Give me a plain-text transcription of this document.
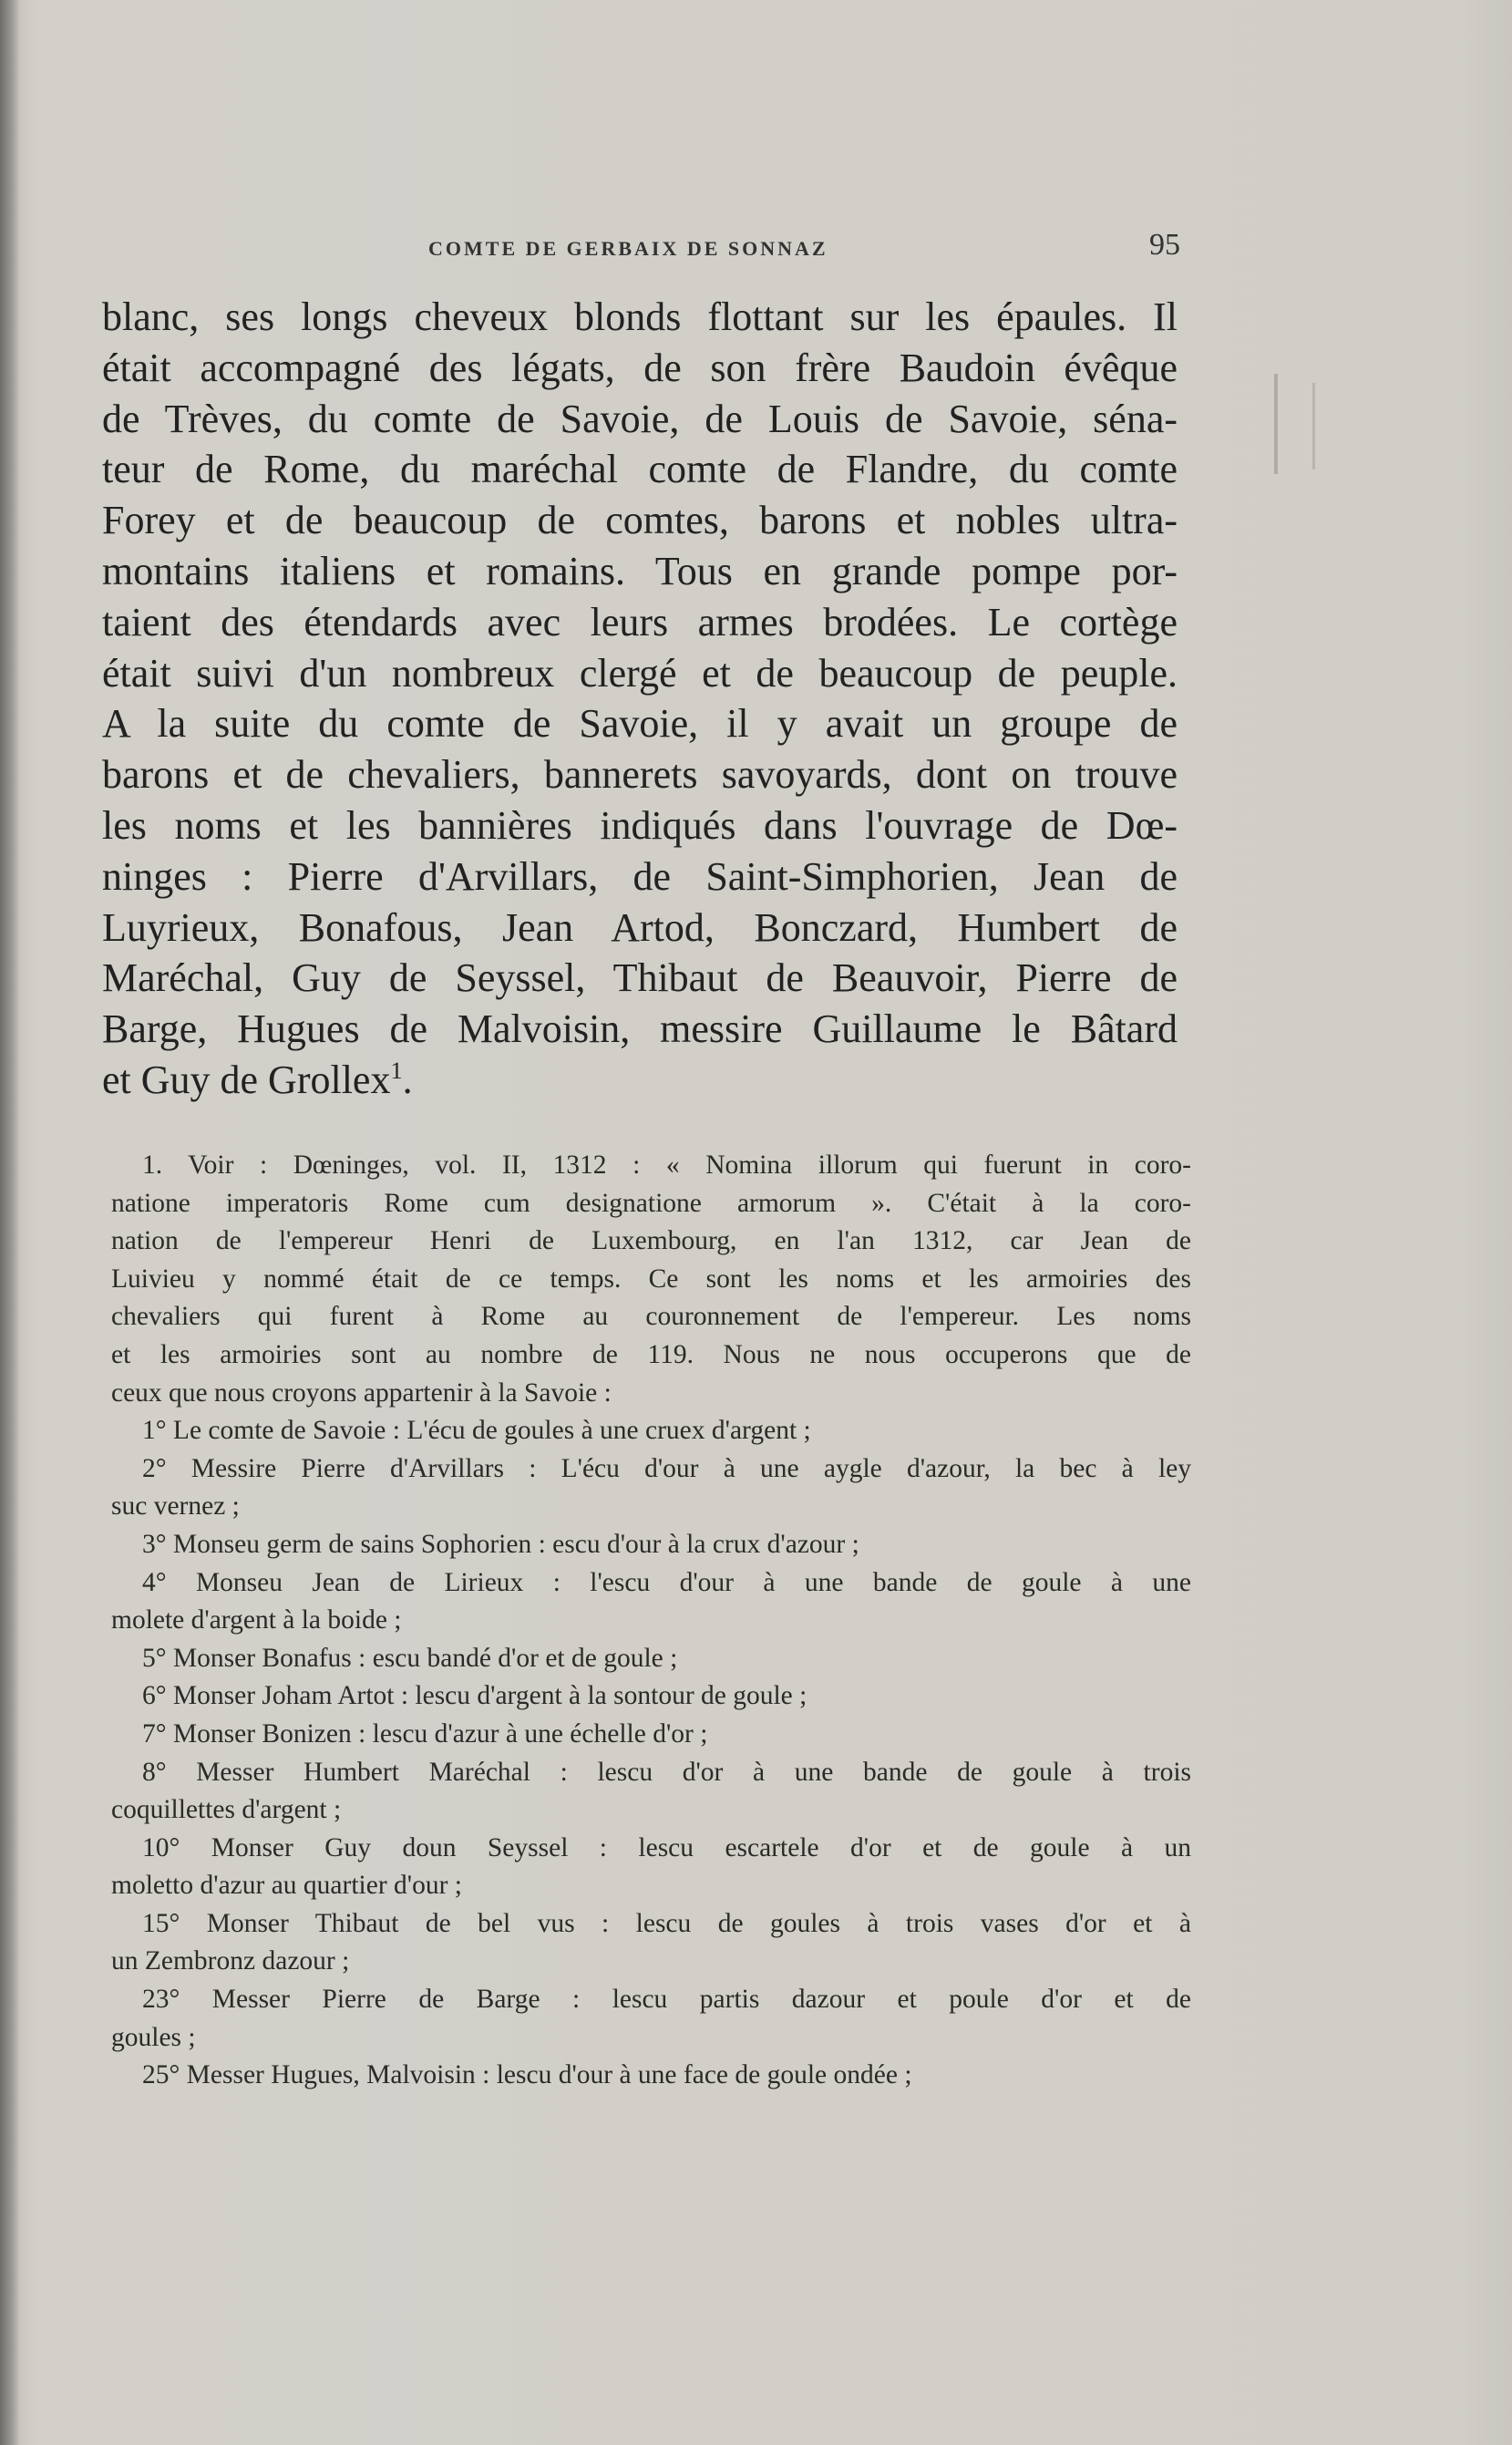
COMTE DE GERBAIX DE SONNAZ	95
blanc, ses longs cheveux blonds flottant sur les épaules. Il
était accompagné des légats, de son frère Baudoin évêque
de Trèves, du comte de Savoie, de Louis de Savoie, séna-
teur de Rome, du maréchal comte de Flandre, du comte
Forey et de beaucoup de comtes, barons et nobles ultra-
montains italiens et romains. Tous en grande pompe por-
taient des étendards avec leurs armes brodées. Le cortège
était suivi d'un nombreux clergé et de beaucoup de peuple.
A la suite du comte de Savoie, il y avait un groupe de
barons et de chevaliers, bannerets savoyards, dont on trouve
les noms et les bannières indiqués dans l'ouvrage de Dœ-
ninges : Pierre d'Arvillars, de Saint-Simphorien, Jean de
Luyrieux, Bonafous, Jean Artod, Bonczard, Humbert de
Maréchal, Guy de Seyssel, Thibaut de Beauvoir, Pierre de
Barge, Hugues de Malvoisin, messire Guillaume le Bâtard
et Guy de Grollex$^1$.
1. Voir : Dœninges, vol. II, 1312 : « Nomina illorum qui fuerunt in coro-
natione imperatoris Rome cum designatione armorum ». C'était à la coro-
nation de l'empereur Henri de Luxembourg, en l'an 1312, car Jean de
Luivieu y nommé était de ce temps. Ce sont les noms et les armoiries des
chevaliers qui furent à Rome au couronnement de l'empereur. Les noms
et les armoiries sont au nombre de 119. Nous ne nous occuperons que de
ceux que nous croyons appartenir à la Savoie :
1° Le comte de Savoie : L'écu de goules à une cruex d'argent ;
2° Messire Pierre d'Arvillars : L'écu d'our à une aygle d'azour, la bec à ley
suc vernez ;
3° Monseu germ de sains Sophorien : escu d'our à la crux d'azour ;
4° Monseu Jean de Lirieux : l'escu d'our à une bande de goule à une
molete d'argent à la boide ;
5° Monser Bonafus : escu bandé d'or et de goule ;
6° Monser Joham Artot : lescu d'argent à la sontour de goule ;
7° Monser Bonizen : lescu d'azur à une échelle d'or ;
8° Messer Humbert Maréchal : lescu d'or à une bande de goule à trois
coquillettes d'argent ;
10° Monser Guy doun Seyssel : lescu escartele d'or et de goule à un
moletto d'azur au quartier d'our ;
15° Monser Thibaut de bel vus : lescu de goules à trois vases d'or et à
un Zembronz dazour ;
23° Messer Pierre de Barge : lescu partis dazour et poule d'or et de
goules ;
25° Messer Hugues, Malvoisin : lescu d'our à une face de goule ondée ;
